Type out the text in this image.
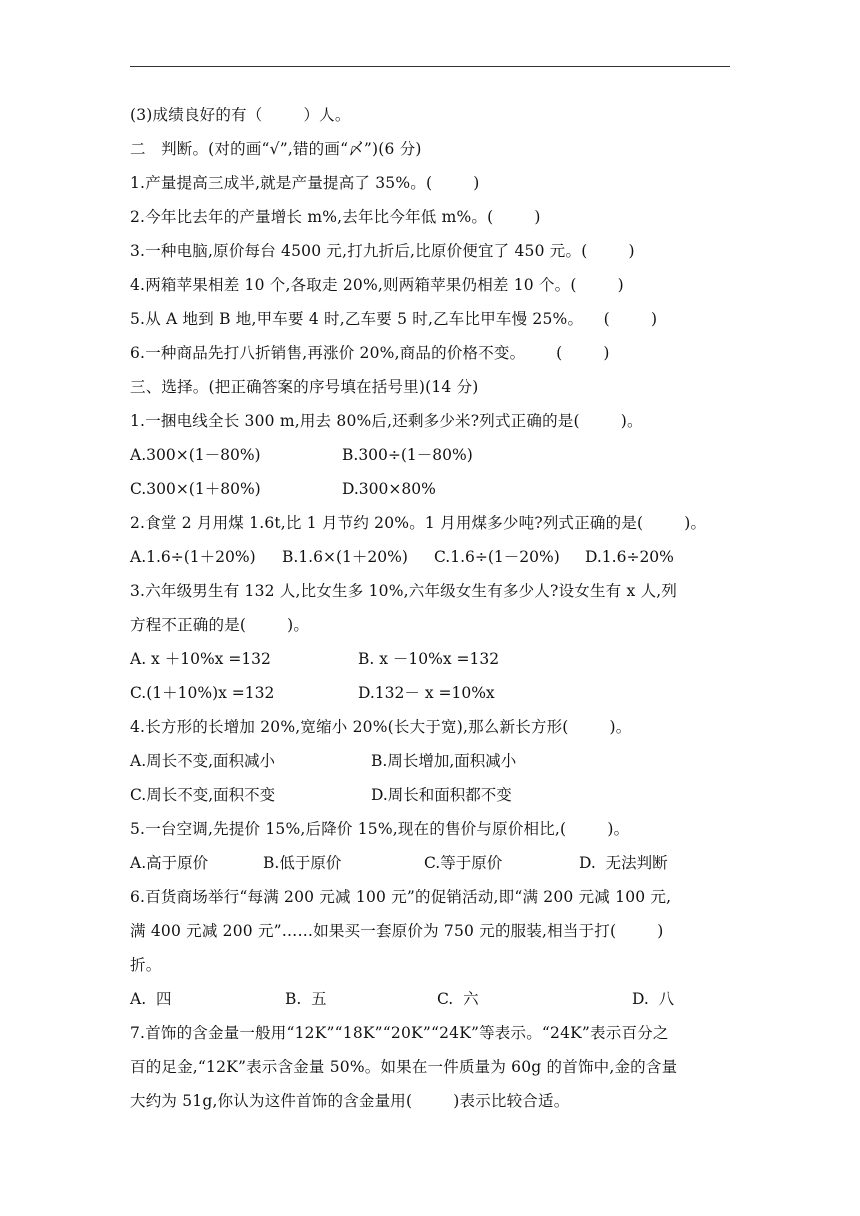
(3)成绩良好的有（        ）人。
二   判断。(对的画“√”,错的画“〆”)(6 分)
1.产量提高三成半,就是产量提高了 35%。(        )
2.今年比去年的产量增长 m%,去年比今年低 m%。(        )
3.一种电脑,原价每台 4500 元,打九折后,比原价便宜了 450 元。(        )
4.两箱苹果相差 10 个,各取走 20%,则两箱苹果仍相差 10 个。(        )
5.从 A 地到 B 地,甲车要 4 时,乙车要 5 时,乙车比甲车慢 25%。    (        )
6.一种商品先打八折销售,再涨价 20%,商品的价格不变。      (        )
三、选择。(把正确答案的序号填在括号里)(14 分)
1.一捆电线全长 300 m,用去 80%后,还剩多少米?列式正确的是(        )。
A.300×(1－80%)	B.300÷(1－80%)
C.300×(1＋80%)	D.300×80%
2.食堂 2 月用煤 1.6t,比 1 月节约 20%。1 月用煤多少吨?列式正确的是(        )。
A.1.6÷(1＋20%) B.1.6×(1＋20%) C.1.6÷(1－20%) D.1.6÷20%
3.六年级男生有 132 人,比女生多 10%,六年级女生有多少人?设女生有 x 人,列
方程不正确的是(        )。
A. x ＋10%x =132	B. x －10%x =132
C.(1＋10%)x =132	D.132－ x =10%x
4.长方形的长增加 20%,宽缩小 20%(长大于宽),那么新长方形(        )。
A.周长不变,面积减小	B.周长增加,面积减小
C.周长不变,面积不变	D.周长和面积都不变
5.一台空调,先提价 15%,后降价 15%,现在的售价与原价相比,(        )。
A.高于原价	B.低于原价	C.等于原价	D.  无法判断
6.百货商场举行“每满 200 元减 100 元”的促销活动,即“满 200 元减 100 元,
满 400 元减 200 元”……如果买一套原价为 750 元的服装,相当于打(        )
折。
A.  四	B.  五	C.  六	D.  八
7.首饰的含金量一般用“12K”“18K”“20K”“24K”等表示。“24K”表示百分之
百的足金,“12K”表示含金量 50%。如果在一件质量为 60g 的首饰中,金的含量
大约为 51g,你认为这件首饰的含金量用(        )表示比较合适。
